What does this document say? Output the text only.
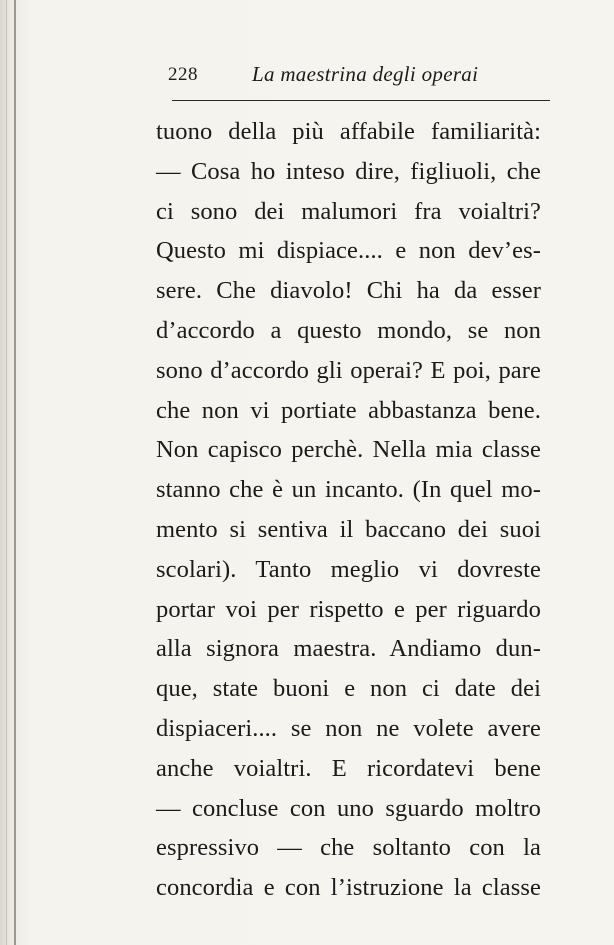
228	La maestrina degli operai
tuono della più affabile familiarità:
— Cosa ho inteso dire, figliuoli, che
ci sono dei malumori fra voialtri?
Questo mi dispiace.... e non dev’es-
sere. Che diavolo! Chi ha da esser
d’accordo a questo mondo, se non
sono d’accordo gli operai? E poi, pare
che non vi portiate abbastanza bene.
Non capisco perchè. Nella mia classe
stanno che è un incanto. (In quel mo-
mento si sentiva il baccano dei suoi
scolari). Tanto meglio vi dovreste
portar voi per rispetto e per riguardo
alla signora maestra. Andiamo dun-
que, state buoni e non ci date dei
dispiaceri.... se non ne volete avere
anche voialtri. E ricordatevi bene
— concluse con uno sguardo moltro
espressivo — che soltanto con la
concordia e con l’istruzione la classe
